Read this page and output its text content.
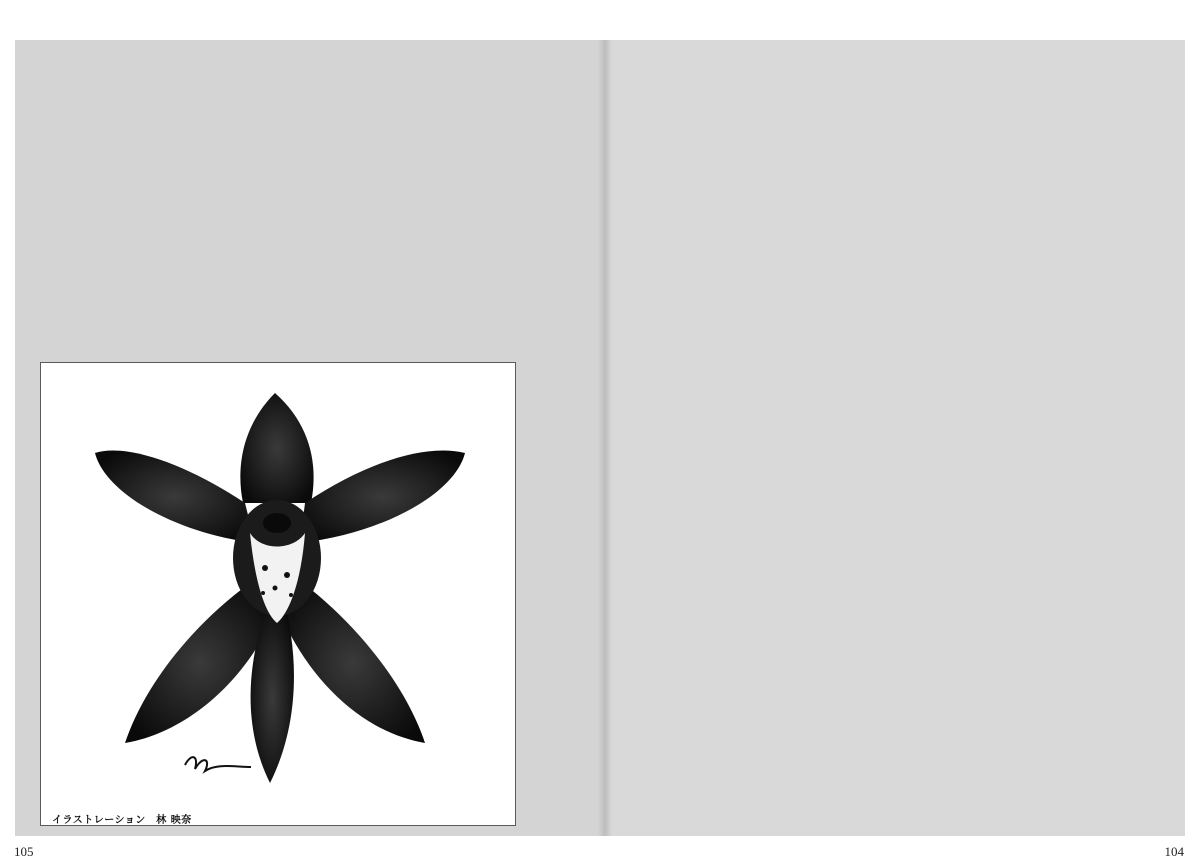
イラストレーション　林 映奈
105	104
